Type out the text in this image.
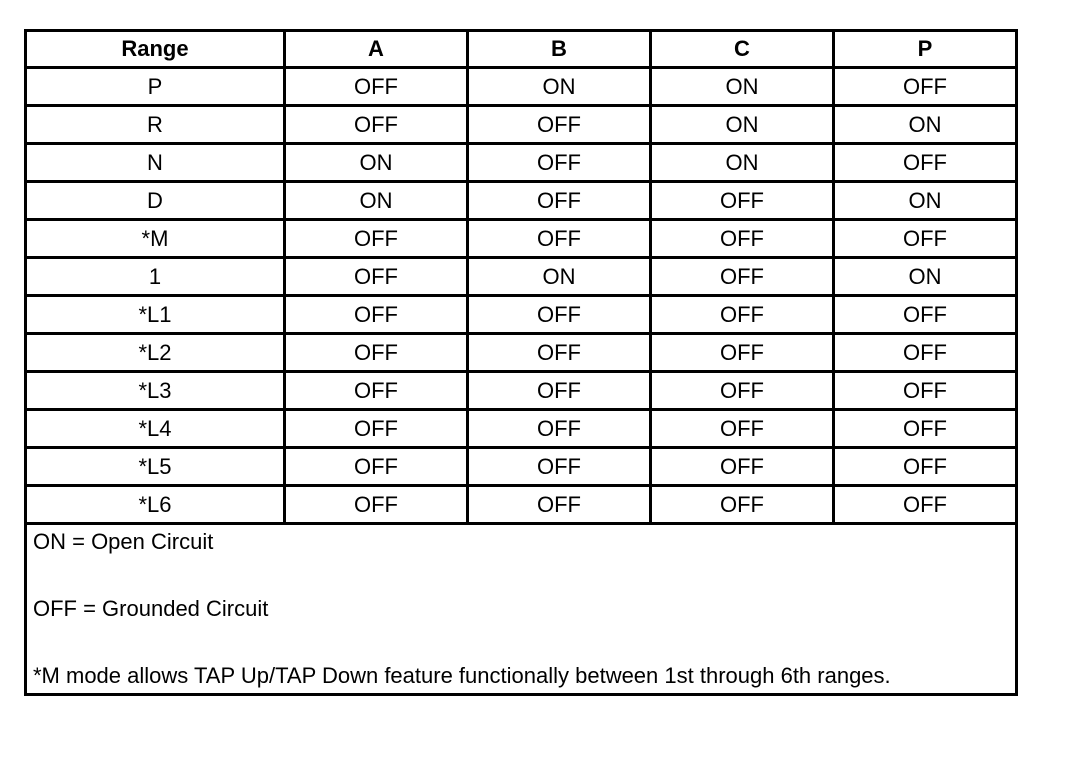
Range	A	B	C	P
P	OFF	ON	ON	OFF
R	OFF	OFF	ON	ON
N	ON	OFF	ON	OFF
D	ON	OFF	OFF	ON
*M	OFF	OFF	OFF	OFF
1	OFF	ON	OFF	ON
*L1	OFF	OFF	OFF	OFF
*L2	OFF	OFF	OFF	OFF
*L3	OFF	OFF	OFF	OFF
*L4	OFF	OFF	OFF	OFF
*L5	OFF	OFF	OFF	OFF
*L6	OFF	OFF	OFF	OFF

ON = Open Circuit
OFF = Grounded Circuit
*M mode allows TAP Up/TAP Down feature functionally between 1st through 6th ranges.				
